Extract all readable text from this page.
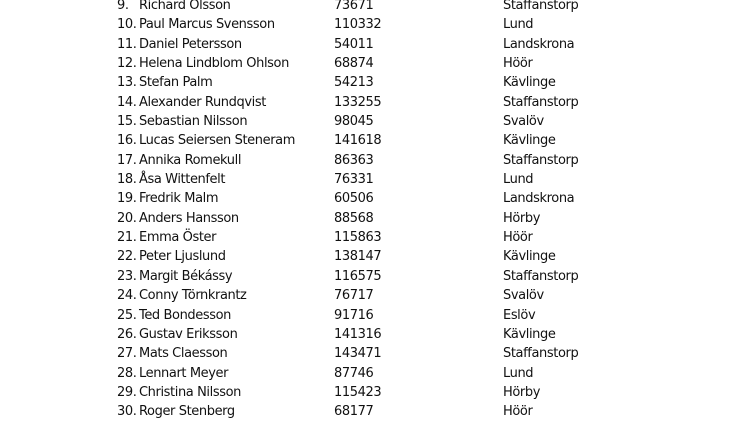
9. Richard Olsson	73671	Staffanstorp
10. Paul Marcus Svensson	110332	Lund
11. Daniel Petersson	54011	Landskrona
12. Helena Lindblom Ohlson	68874	Höör
13. Stefan Palm	54213	Kävlinge
14. Alexander Rundqvist	133255	Staffanstorp
15. Sebastian Nilsson	98045	Svalöv
16. Lucas Seiersen Steneram	141618	Kävlinge
17. Annika Romekull	86363	Staffanstorp
18. Åsa Wittenfelt	76331	Lund
19. Fredrik Malm	60506	Landskrona
20. Anders Hansson	88568	Hörby
21. Emma Öster	115863	Höör
22. Peter Ljuslund	138147	Kävlinge
23. Margit Békássy	116575	Staffanstorp
24. Conny Törnkrantz	76717	Svalöv
25. Ted Bondesson	91716	Eslöv
26. Gustav Eriksson	141316	Kävlinge
27. Mats Claesson	143471	Staffanstorp
28. Lennart Meyer	87746	Lund
29. Christina Nilsson	115423	Hörby
30. Roger Stenberg	68177	Höör
